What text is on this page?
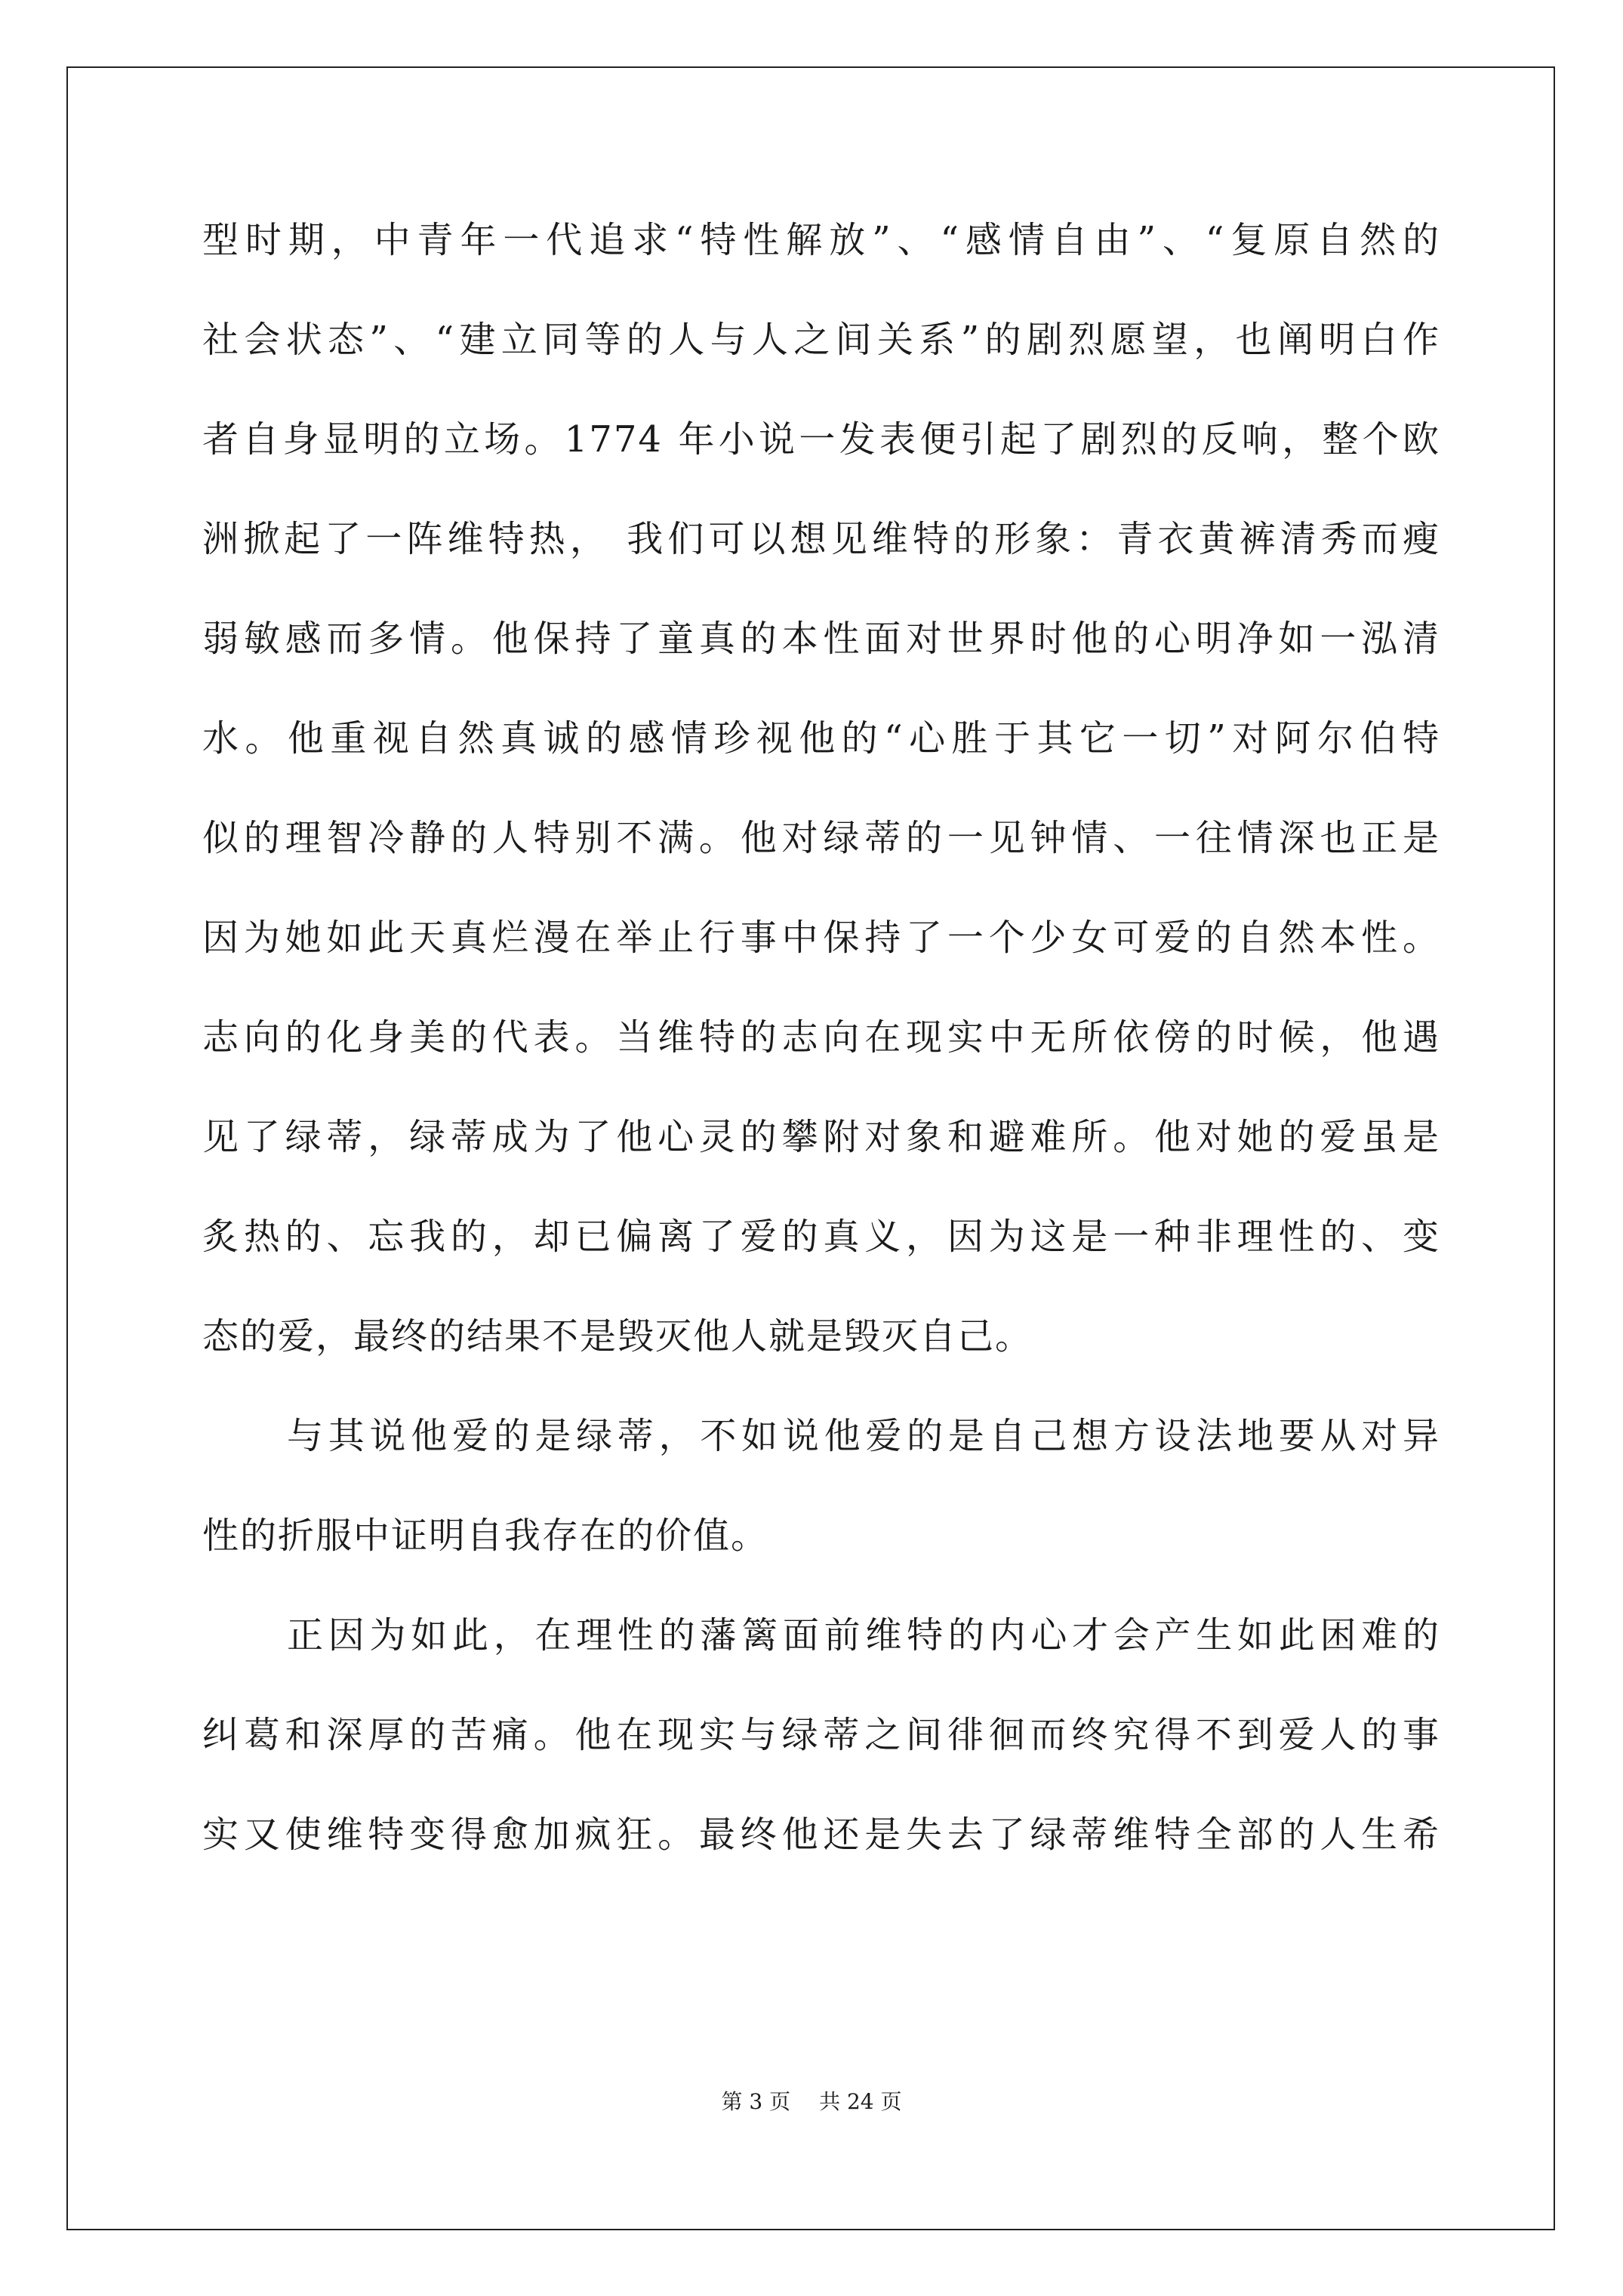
型时期，中青年一代追求“特性解放”、“感情自由”、“复原自然的
社会状态”、“建立同等的人与人之间关系”的剧烈愿望，也阐明白作
者自身显明的立场。1774 年小说一发表便引起了剧烈的反响，整个欧
洲掀起了一阵维特热， 我们可以想见维特的形象：青衣黄裤清秀而瘦
弱敏感而多情。他保持了童真的本性面对世界时他的心明净如一泓清
水。他重视自然真诚的感情珍视他的“心胜于其它一切”对阿尔伯特
似的理智冷静的人特别不满。他对绿蒂的一见钟情、一往情深也正是
因为她如此天真烂漫在举止行事中保持了一个少女可爱的自然本性。
志向的化身美的代表。当维特的志向在现实中无所依傍的时候，他遇
见了绿蒂，绿蒂成为了他心灵的攀附对象和避难所。他对她的爱虽是
炙热的、忘我的，却已偏离了爱的真义，因为这是一种非理性的、变
态的爱，最终的结果不是毁灭他人就是毁灭自己。
与其说他爱的是绿蒂，不如说他爱的是自己想方设法地要从对异
性的折服中证明自我存在的价值。
正因为如此，在理性的藩篱面前维特的内心才会产生如此困难的
纠葛和深厚的苦痛。他在现实与绿蒂之间徘徊而终究得不到爱人的事
实又使维特变得愈加疯狂。最终他还是失去了绿蒂维特全部的人生希
第 3 页 共 24 页
